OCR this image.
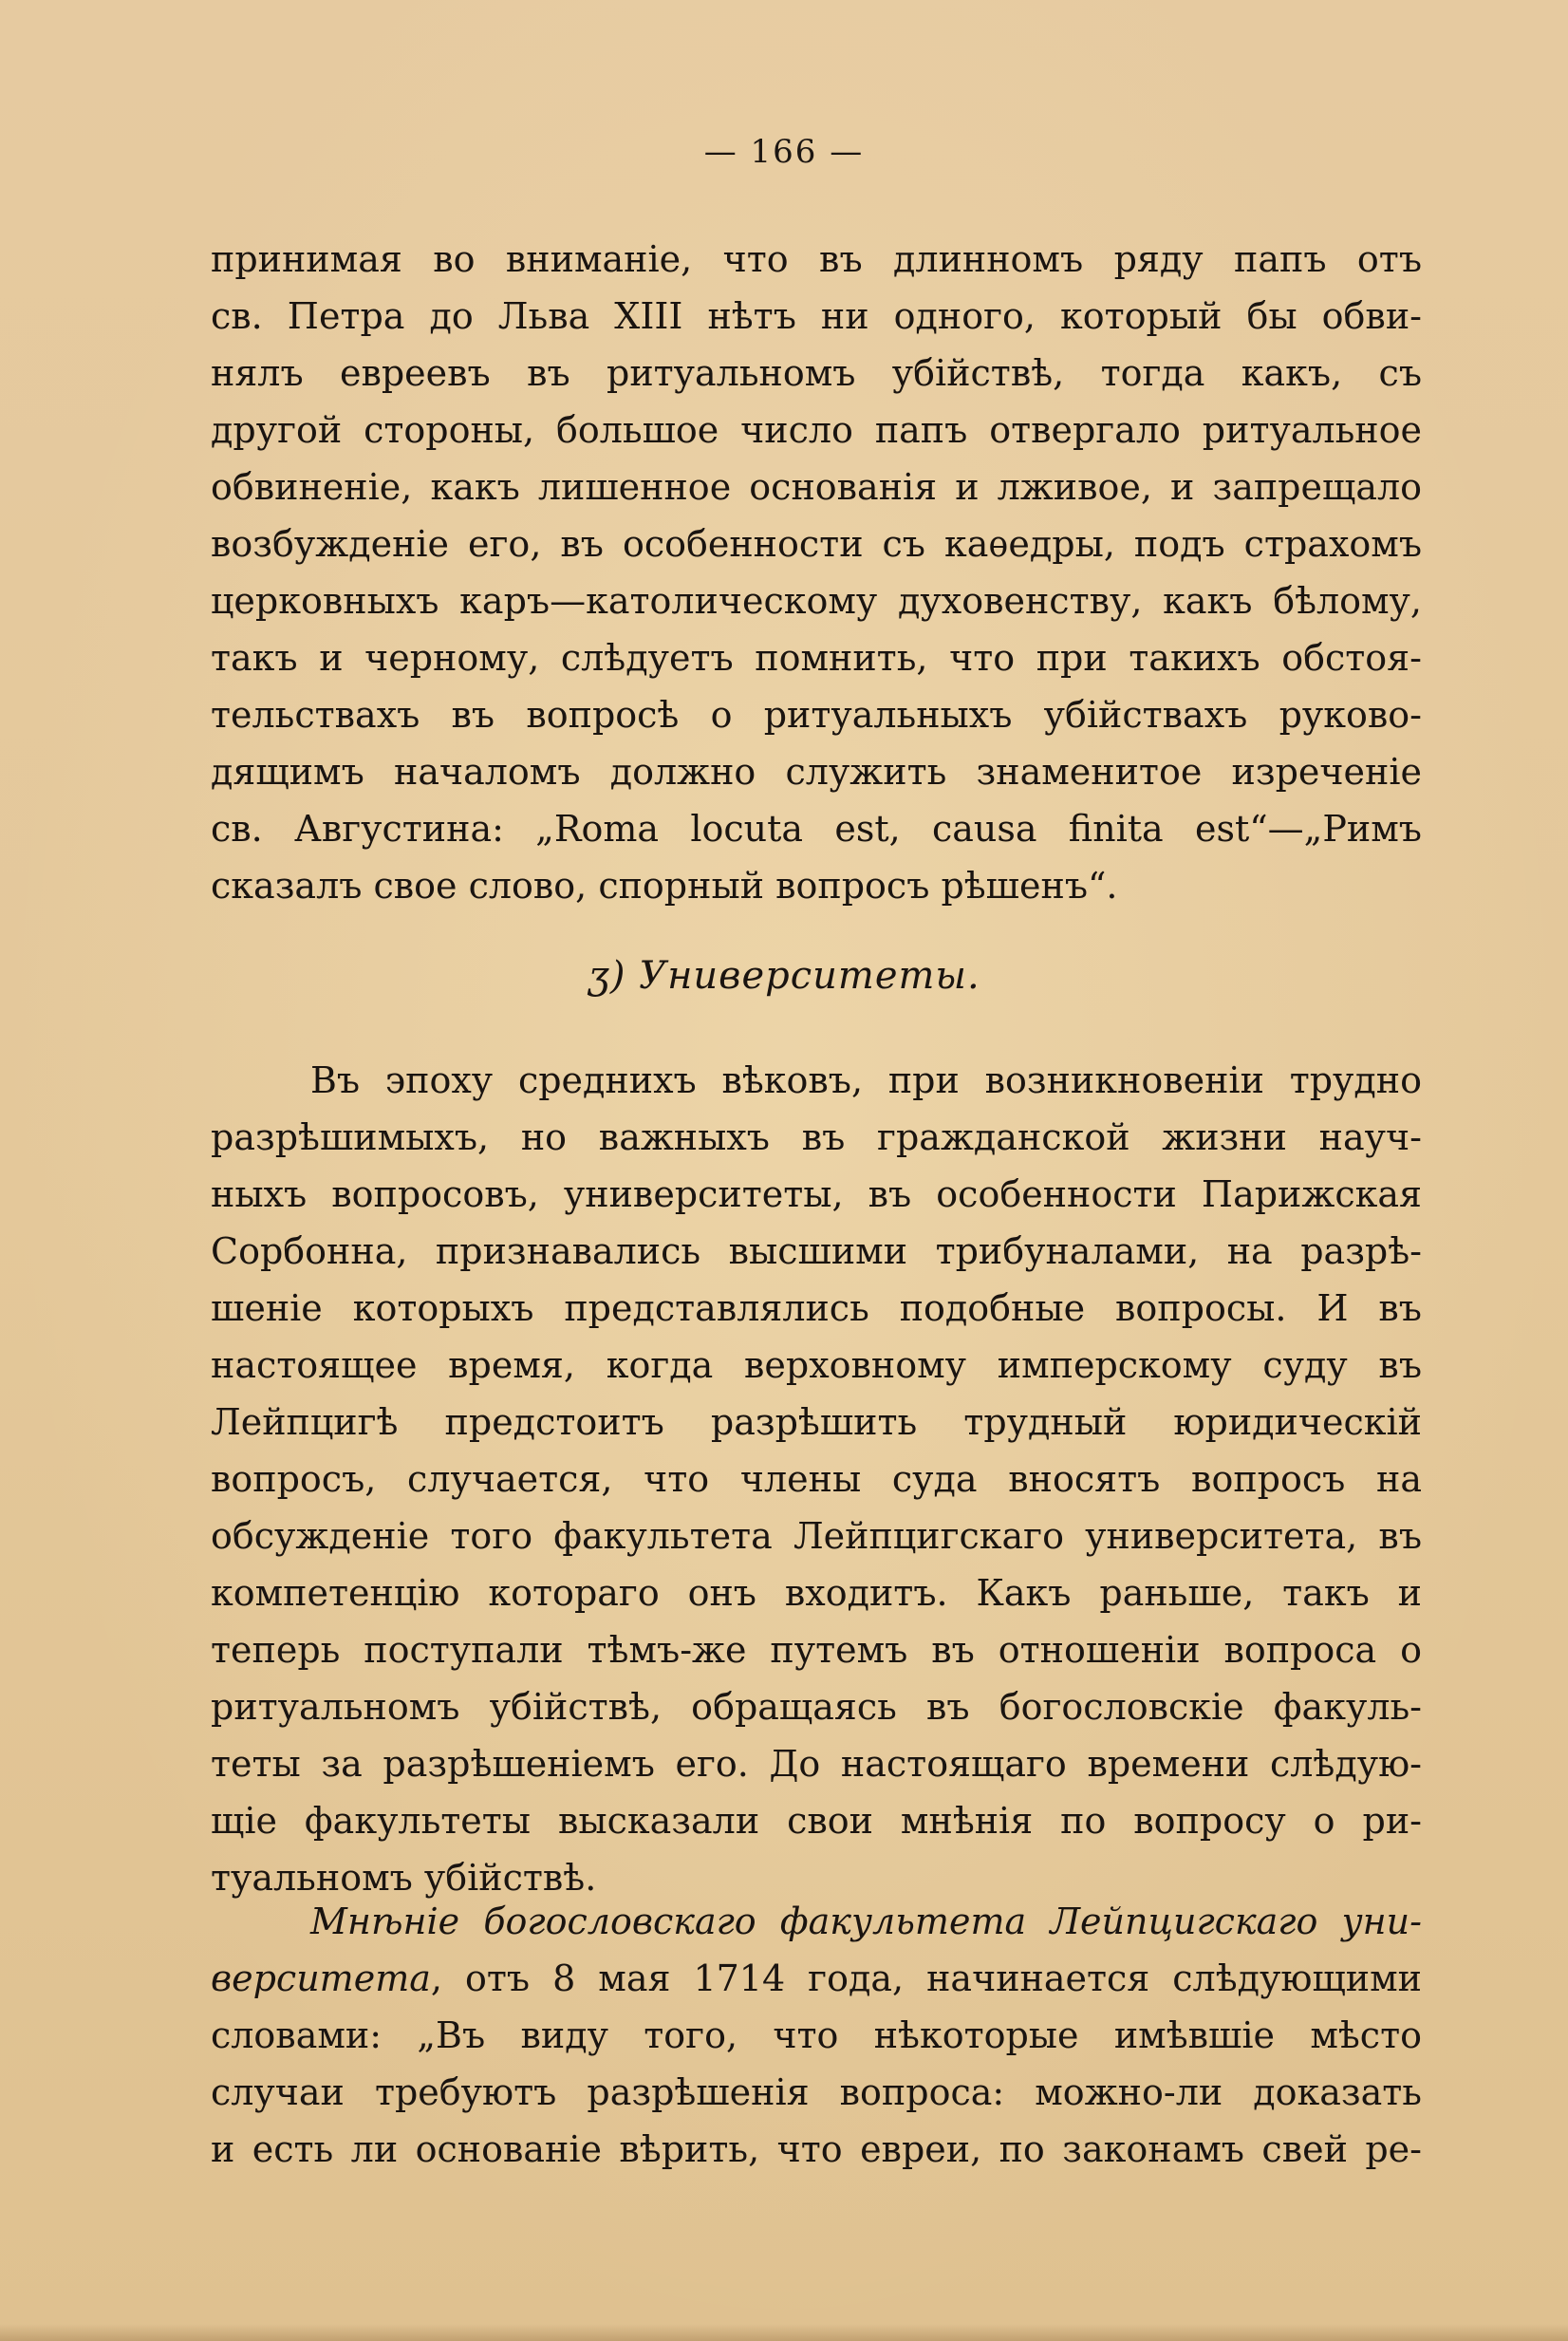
— 166 —
принимая во вниманіе, что въ длинномъ ряду папъ отъ
св. Петра до Льва XIII нѣтъ ни одного, который бы обви-
нялъ евреевъ въ ритуальномъ убійствѣ, тогда какъ, съ
другой стороны, большое число папъ отвергало ритуальное
обвиненіе, какъ лишенное основанія и лживое, и запрещало
возбужденіе его, въ особенности съ каѳедры, подъ страхомъ
церковныхъ каръ—католическому духовенству, какъ бѣлому,
такъ и черному, слѣдуетъ помнить, что при такихъ обстоя-
тельствахъ въ вопросѣ о ритуальныхъ убійствахъ руково-
дящимъ началомъ должно служить знаменитое изреченіе
св. Августина: „Roma locuta est, causa finita est“—„Римъ
сказалъ свое слово, спорный вопросъ рѣшенъ“.
ʒ) Университеты.
Въ эпоху среднихъ вѣковъ, при возникновеніи трудно
разрѣшимыхъ, но важныхъ въ гражданской жизни науч-
ныхъ вопросовъ, университеты, въ особенности Парижская
Сорбонна, признавались высшими трибуналами, на разрѣ-
шеніе которыхъ представлялись подобные вопросы. И въ
настоящее время, когда верховному имперскому суду въ
Лейпцигѣ предстоитъ разрѣшить трудный юридическій
вопросъ, случается, что члены суда вносятъ вопросъ на
обсужденіе того факультета Лейпцигскаго университета, въ
компетенцію котораго онъ входитъ. Какъ раньше, такъ и
теперь поступали тѣмъ-же путемъ въ отношеніи вопроса о
ритуальномъ убійствѣ, обращаясь въ богословскіе факуль-
теты за разрѣшеніемъ его. До настоящаго времени слѣдую-
щіе факультеты высказали свои мнѣнія по вопросу о ри-
туальномъ убійствѣ.
Мнѣніе богословскаго факультета Лейпцигскаго уни-
верситета, отъ 8 мая 1714 года, начинается слѣдующими
словами: „Въ виду того, что нѣкоторые имѣвшіе мѣсто
случаи требуютъ разрѣшенія вопроса: можно-ли доказать
и есть ли основаніе вѣрить, что евреи, по законамъ свей ре-
